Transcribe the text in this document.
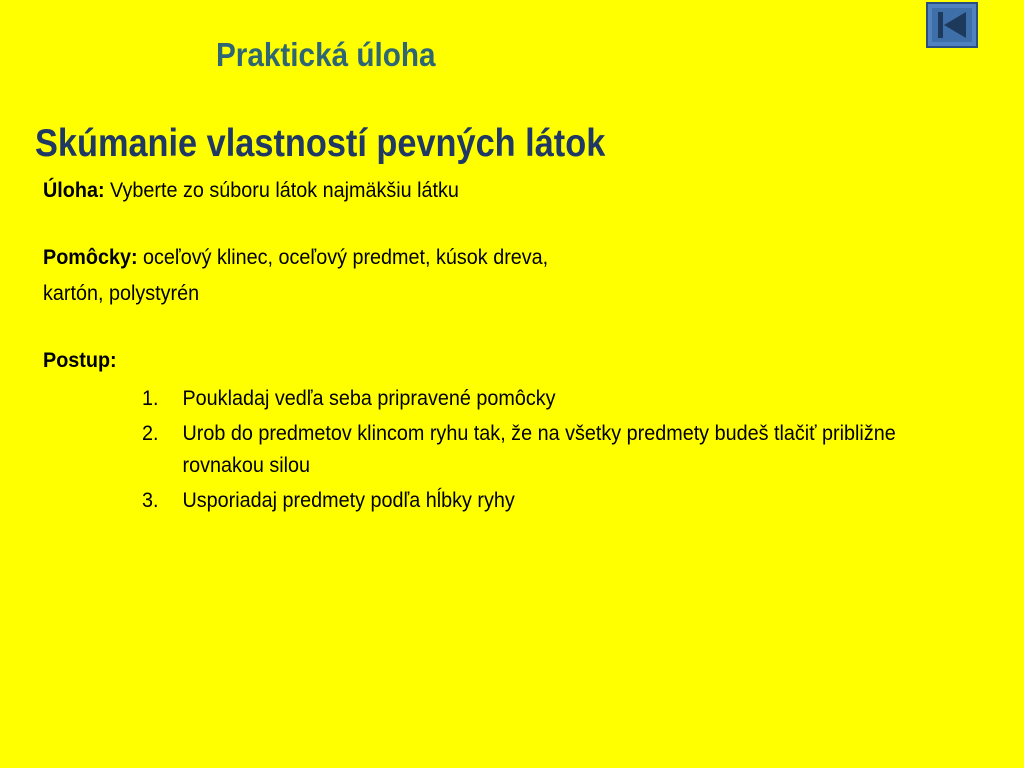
Praktická úloha
Skúmanie vlastností pevných látok
Úloha: Vyberte zo súboru látok najmäkšiu látku
Pomôcky: oceľový klinec, oceľový predmet, kúsok dreva,
kartón, polystyrén
Postup:
1.	Poukladaj vedľa seba pripravené pomôcky
2.	Urob do predmetov klincom ryhu tak, že na všetky predmety budeš tlačiť približne rovnakou silou
3.	Usporiadaj predmety podľa hĺbky ryhy
